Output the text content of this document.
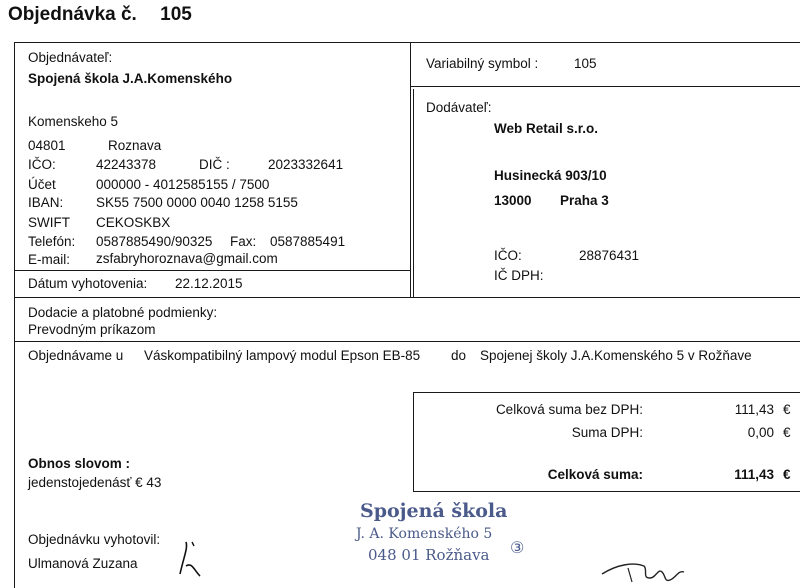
Objednávka č. 105
Objednávateľ:
Spojená škola J.A.Komenského
Komenskeho 5
04801	Roznava
IČO:	42243378	DIČ :	2023332641
Účet	000000 - 4012585155 / 7500
IBAN: SK55 7500 0000 0040 1258 5155
SWIFT CEKOSKBX
Telefón: 0587885490/90325 Fax: 0587885491
E-mail: zsfabryhoroznava@gmail.com
Dátum vyhotovenia: 22.12.2015
Variabilný symbol :	105
Dodávateľ:
Web Retail s.r.o.
Husinecká 903/10
13000 Praha 3
IČO:	28876431
IČ DPH:
Dodacie a platobné podmienky:
Prevodným príkazom
Objednávame u Váskompatibilný lampový modul Epson EB-85 do Spojenej školy J.A.Komenského 5 v Rožňave
Celková suma bez DPH:	111,43 €
Suma DPH:	0,00 €
Celková suma:	111,43 €
Obnos slovom :
jedenstojedenásť € 43
Objednávku vyhotovil:
Ulmanová Zuzana
Spojená škola
J. A. Komenského 5
048 01 Rožňava ③
